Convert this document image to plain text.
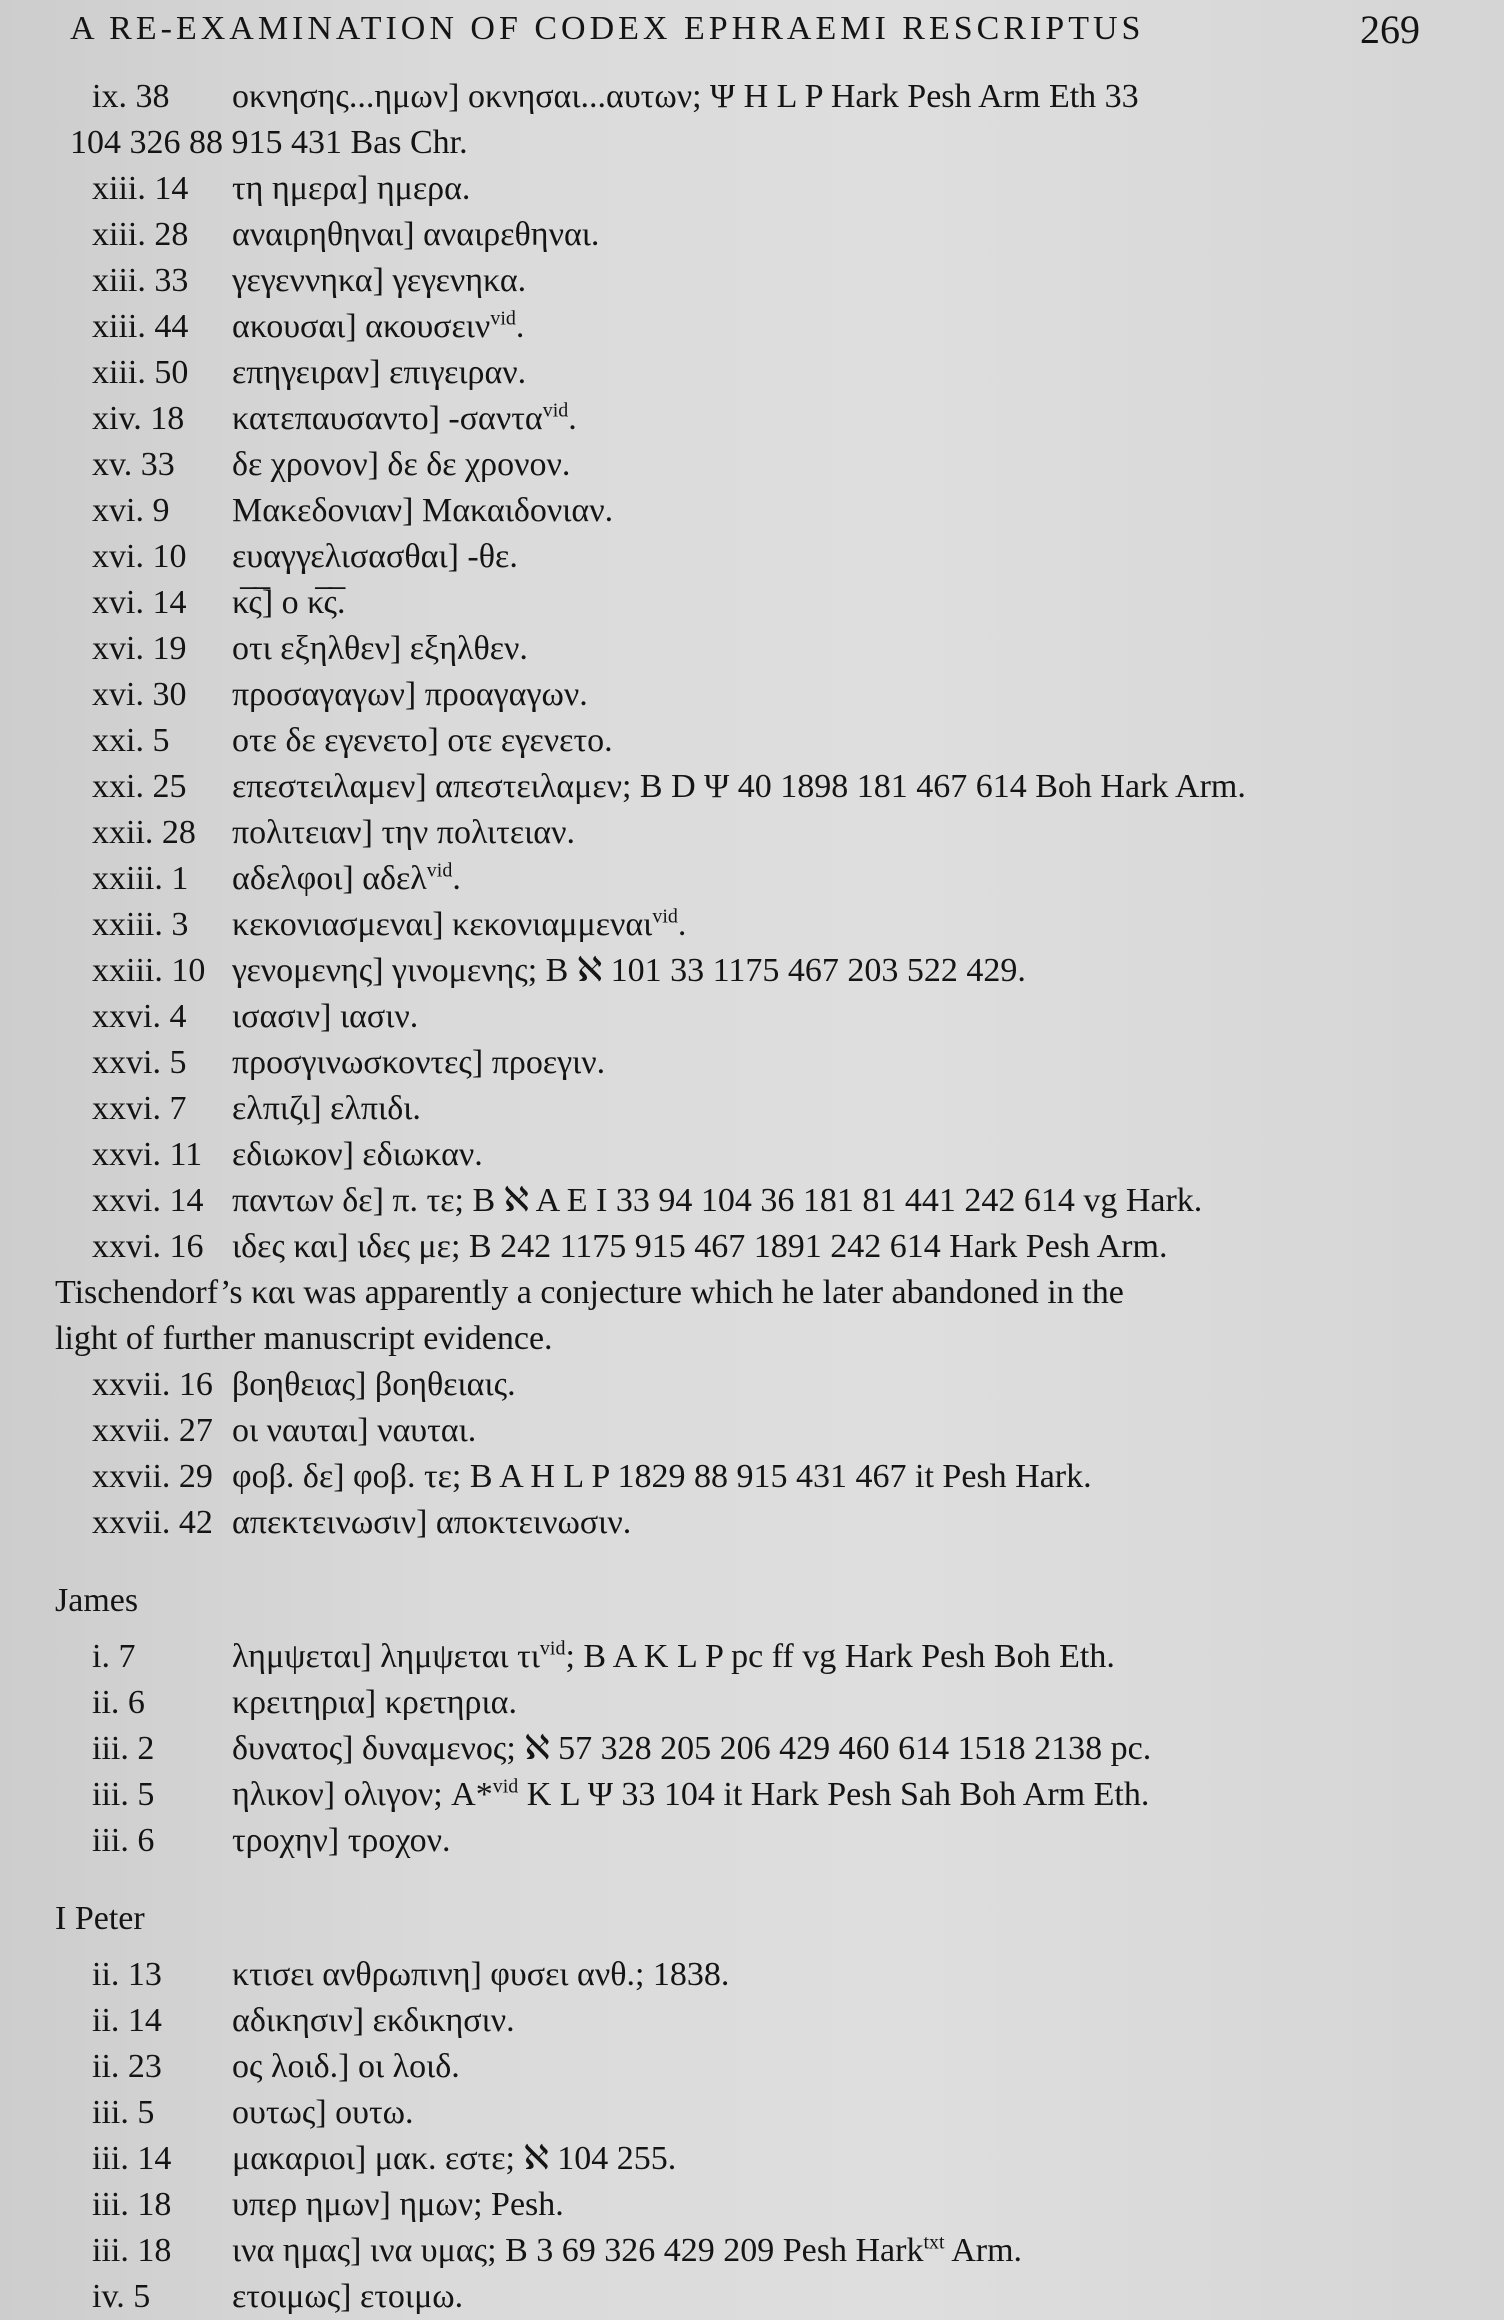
A RE-EXAMINATION OF CODEX EPHRAEMI RESCRIPTUS	269
ix. 38 οκνησης...ημων] οκνησαι...αυτων; Ψ H L P Hark Pesh Arm Eth 33
104 326 88 915 431 Bas Chr.
xiii. 14 τη ημερα] ημερα.
xiii. 28 αναιρηθηναι] αναιρεθηναι.
xiii. 33 γεγεννηκα] γεγενηκα.
xiii. 44 ακουσαι] ακουσειν$^{vid}$.
xiii. 50 επηγειραν] επιγειραν.
xiv. 18 κατεπαυσαντο] -σαντα$^{vid}$.
xv. 33 δε χρονον] δε δε χρονον.
xvi. 9 Μακεδονιαν] Μακαιδονιαν.
xvi. 10 ευαγγελισασθαι] -θε.
xvi. 14 κ̅ς̅] ο κ̅ς̅.
xvi. 19 οτι εξηλθεν] εξηλθεν.
xvi. 30 προσαγαγων] προαγαγων.
xxi. 5 οτε δε εγενετο] οτε εγενετο.
xxi. 25 επεστειλαμεν] απεστειλαμεν; B D Ψ 40 1898 181 467 614 Boh Hark Arm.
xxii. 28 πολιτειαν] την πολιτειαν.
xxiii. 1 αδελφοι] αδελ$^{vid}$.
xxiii. 3 κεκονιασμεναι] κεκονιαμμεναι$^{vid}$.
xxiii. 10 γενομενης] γινομενης; B ℵ 101 33 1175 467 203 522 429.
xxvi. 4 ισασιν] ιασιν.
xxvi. 5 προσγινωσκοντες] προεγιν.
xxvi. 7 ελπιζι] ελπιδι.
xxvi. 11 εδιωκον] εδιωκαν.
xxvi. 14 παντων δε] π. τε; B ℵ A E I 33 94 104 36 181 81 441 242 614 vg Hark.
xxvi. 16 ιδες και] ιδες με; B 242 1175 915 467 1891 242 614 Hark Pesh Arm.
Tischendorf’s και was apparently a conjecture which he later abandoned in the
light of further manuscript evidence.
xxvii. 16 βοηθειας] βοηθειαις.
xxvii. 27 οι ναυται] ναυται.
xxvii. 29 φοβ. δε] φοβ. τε; B A H L P 1829 88 915 431 467 it Pesh Hark.
xxvii. 42 απεκτεινωσιν] αποκτεινωσιν.
James
i. 7	λημψεται] λημψεται $\tau\iota^{vid}$; B A K L P pc ff vg Hark Pesh Boh Eth.
ii. 6	κρειτηρια] κρετηρια.
iii. 2 δυνατος] δυναμενος; ℵ 57 328 205 206 429 460 614 1518 2138 pc.
iii. 5 ηλικον] ολιγον; A*$^{vid}$ K L Ψ 33 104 it Hark Pesh Sah Boh Arm Eth.
iii. 6 τροχην] τροχον.
I Peter
ii. 13 κτισει ανθρωπινη] φυσει ανθ.; 1838.
ii. 14 αδικησιν] εκδικησιν.
ii. 23 ος λοιδ.] οι λοιδ.
iii. 5 ουτως] ουτω.
iii. 14 μακαριοι] μακ. εστε; ℵ 104 255.
iii. 18 υπερ ημων] ημων; Pesh.
iii. 18 ινα ημας] ινα υμας; B 3 69 326 429 209 Pesh Hark$^{txt}$ Arm.
iv. 5 ετοιμως] ετοιμω.
